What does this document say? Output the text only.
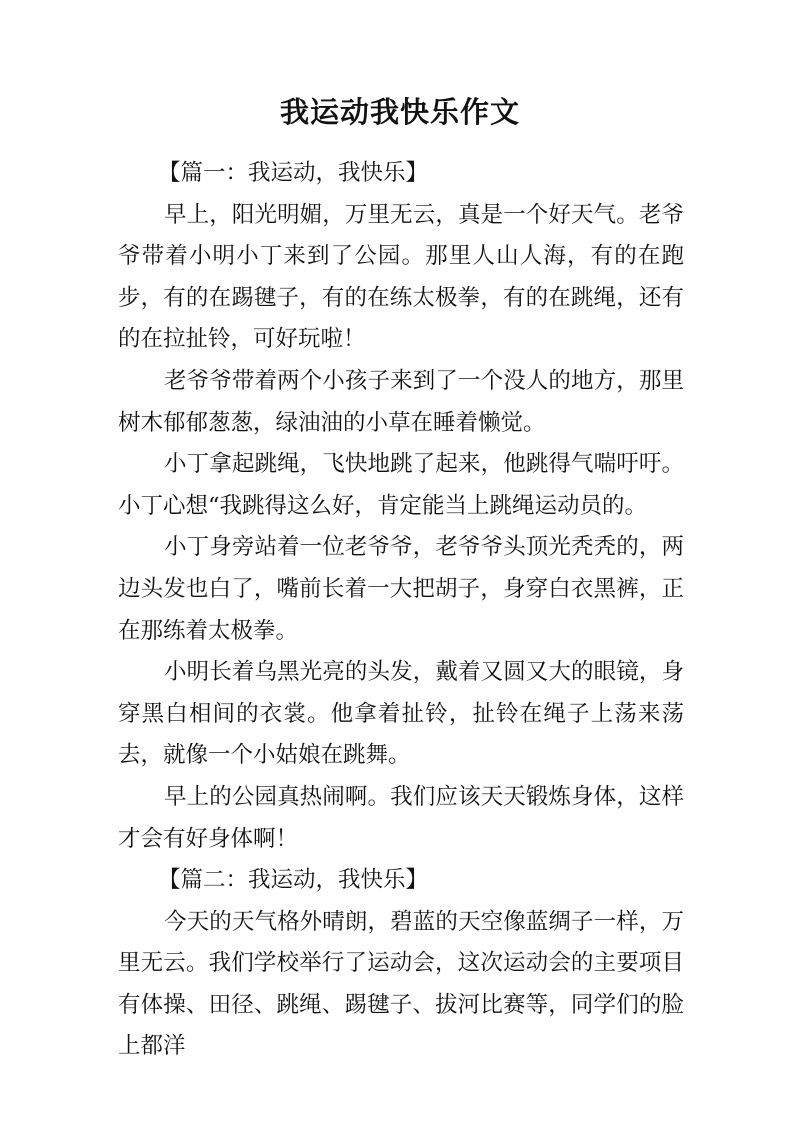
我运动我快乐作文

【篇一：我运动，我快乐】

早上，阳光明媚，万里无云，真是一个好天气。老爷爷带着小明小丁来到了公园。那里人山人海，有的在跑步，有的在踢毽子，有的在练太极拳，有的在跳绳，还有的在拉扯铃，可好玩啦！

老爷爷带着两个小孩子来到了一个没人的地方，那里树木郁郁葱葱，绿油油的小草在睡着懒觉。

小丁拿起跳绳，飞快地跳了起来，他跳得气喘吁吁。小丁心想“我跳得这么好，肯定能当上跳绳运动员的。

小丁身旁站着一位老爷爷，老爷爷头顶光秃秃的，两边头发也白了，嘴前长着一大把胡子，身穿白衣黑裤，正在那练着太极拳。

小明长着乌黑光亮的头发，戴着又圆又大的眼镜，身穿黑白相间的衣裳。他拿着扯铃，扯铃在绳子上荡来荡去，就像一个小姑娘在跳舞。

早上的公园真热闹啊。我们应该天天锻炼身体，这样才会有好身体啊！

【篇二：我运动，我快乐】

今天的天气格外晴朗，碧蓝的天空像蓝绸子一样，万里无云。我们学校举行了运动会，这次运动会的主要项目有体操、田径、跳绳、踢毽子、拔河比赛等，同学们的脸上都洋
